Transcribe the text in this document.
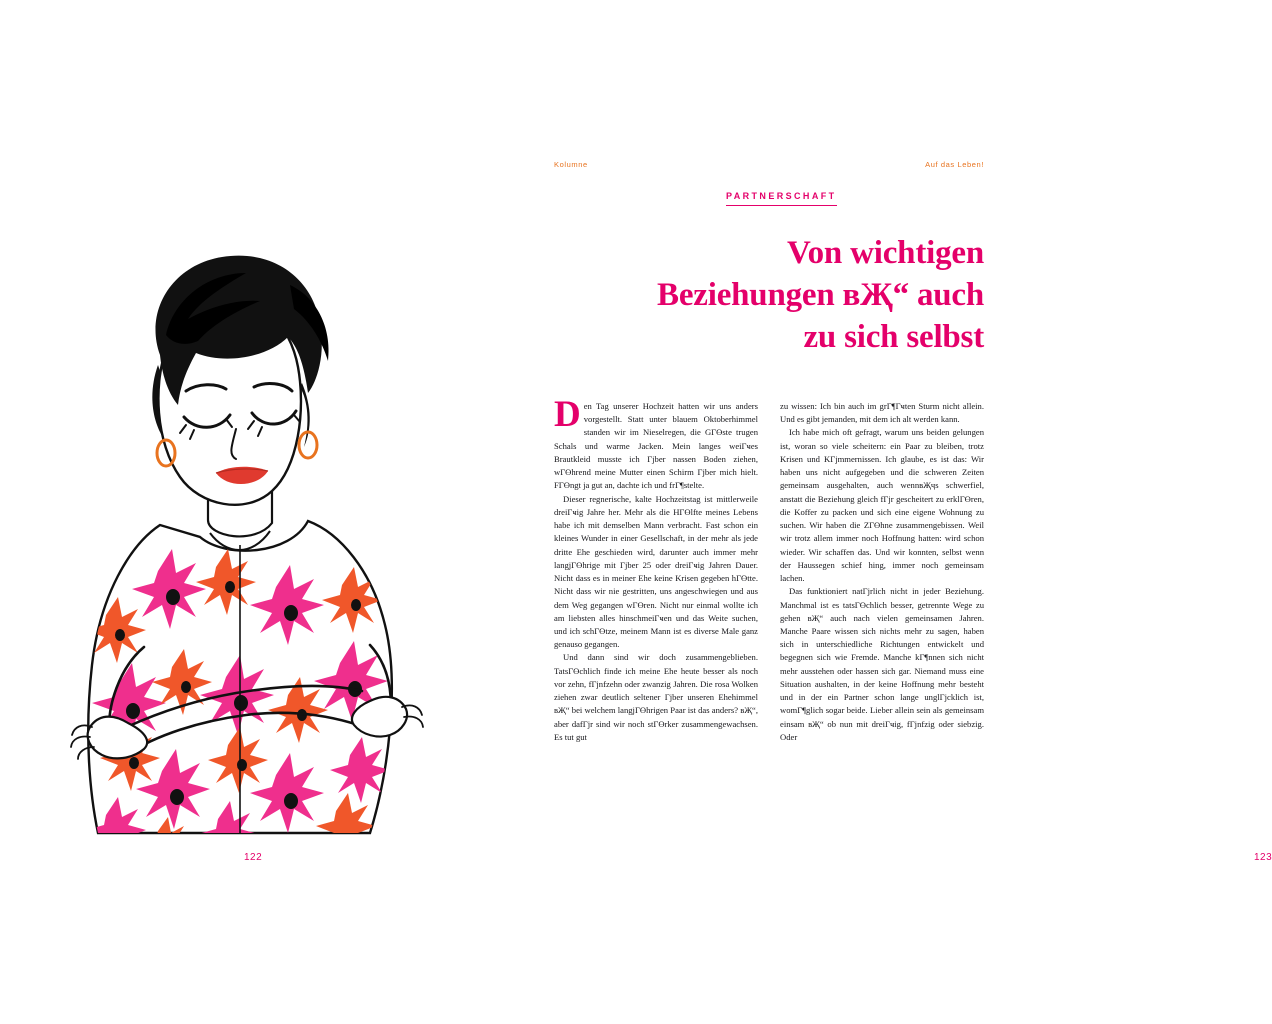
122
Kolumne	Auf das Leben!
PARTNERSCHAFT
Von wichtigen
Beziehungen вҖ“ auch
zu sich selbst

Den Tag unserer Hochzeit hatten wir uns anders vorgestellt. Statt unter blauem Oktoberhimmel standen wir im Nieselregen, die GГӨste trugen Schals und warme Jacken. Mein langes weiГҹes Brautkleid musste ich Гјber nassen Boden ziehen, wГӨhrend meine Mutter einen Schirm Гјber mich hielt. FГӨngt ja gut an, dachte ich und frГ¶stelte.

Dieser regnerische, kalte Hochzeitstag ist mittlerweile dreiГҹig Jahre her. Mehr als die HГӨlfte meines Lebens habe ich mit demselben Mann verbracht. Fast schon ein kleines Wunder in einer Gesellschaft, in der mehr als jede dritte Ehe geschieden wird, darunter auch immer mehr langjГӨhrige mit Гјber 25 oder dreiГҹig Jahren Dauer. Nicht dass es in meiner Ehe keine Krisen gegeben hГӨtte. Nicht dass wir nie gestritten, uns angeschwiegen und aus dem Weg gegangen wГӨren. Nicht nur einmal wollte ich am liebsten alles hinschmeiГҹen und das Weite suchen, und ich schГӨtze, meinem Mann ist es diverse Male ganz genauso gegangen.

Und dann sind wir doch zusammengeblieben. TatsГӨchlich finde ich meine Ehe heute besser als noch vor zehn, fГјnfzehn oder zwanzig Jahren. Die rosa Wolken ziehen zwar deutlich seltener Гјber unseren Ehehimmel вҖ“ bei welchem langjГӨhrigen Paar ist das anders? вҖ“, aber dafГјr sind wir noch stГӨrker zusammengewachsen. Es tut gut

zu wissen: Ich bin auch im grГ¶Гҹten Sturm nicht allein. Und es gibt jemanden, mit dem ich alt werden kann.

Ich habe mich oft gefragt, warum uns beiden gelungen ist, woran so viele scheitern: ein Paar zu bleiben, trotz Krisen und KГјmmernissen. Ich glaube, es ist das: Wir haben uns nicht aufgegeben und die schweren Zeiten gemeinsam ausgehalten, auch wennвҖҷs schwerfiel, anstatt die Beziehung gleich fГјr gescheitert zu erklГӨren, die Koffer zu packen und sich eine eigene Wohnung zu suchen. Wir haben die ZГӨhne zusammengebissen. Weil wir trotz allem immer noch Hoffnung hatten: wird schon wieder. Wir schaffen das. Und wir konnten, selbst wenn der Haussegen schief hing, immer noch gemeinsam lachen.

Das funktioniert natГјrlich nicht in jeder Beziehung. Manchmal ist es tatsГӨchlich besser, getrennte Wege zu gehen вҖ“ auch nach vielen gemeinsamen Jahren. Manche Paare wissen sich nichts mehr zu sagen, haben sich in unterschiedliche Richtungen entwickelt und begegnen sich wie Fremde. Manche kГ¶nnen sich nicht mehr ausstehen oder hassen sich gar. Niemand muss eine Situation aushalten, in der keine Hoffnung mehr besteht und in der ein Partner schon lange unglГјcklich ist, womГ¶glich sogar beide. Lieber allein sein als gemeinsam einsam вҖ“ ob nun mit dreiГҹig, fГјnfzig oder siebzig. Oder

123
